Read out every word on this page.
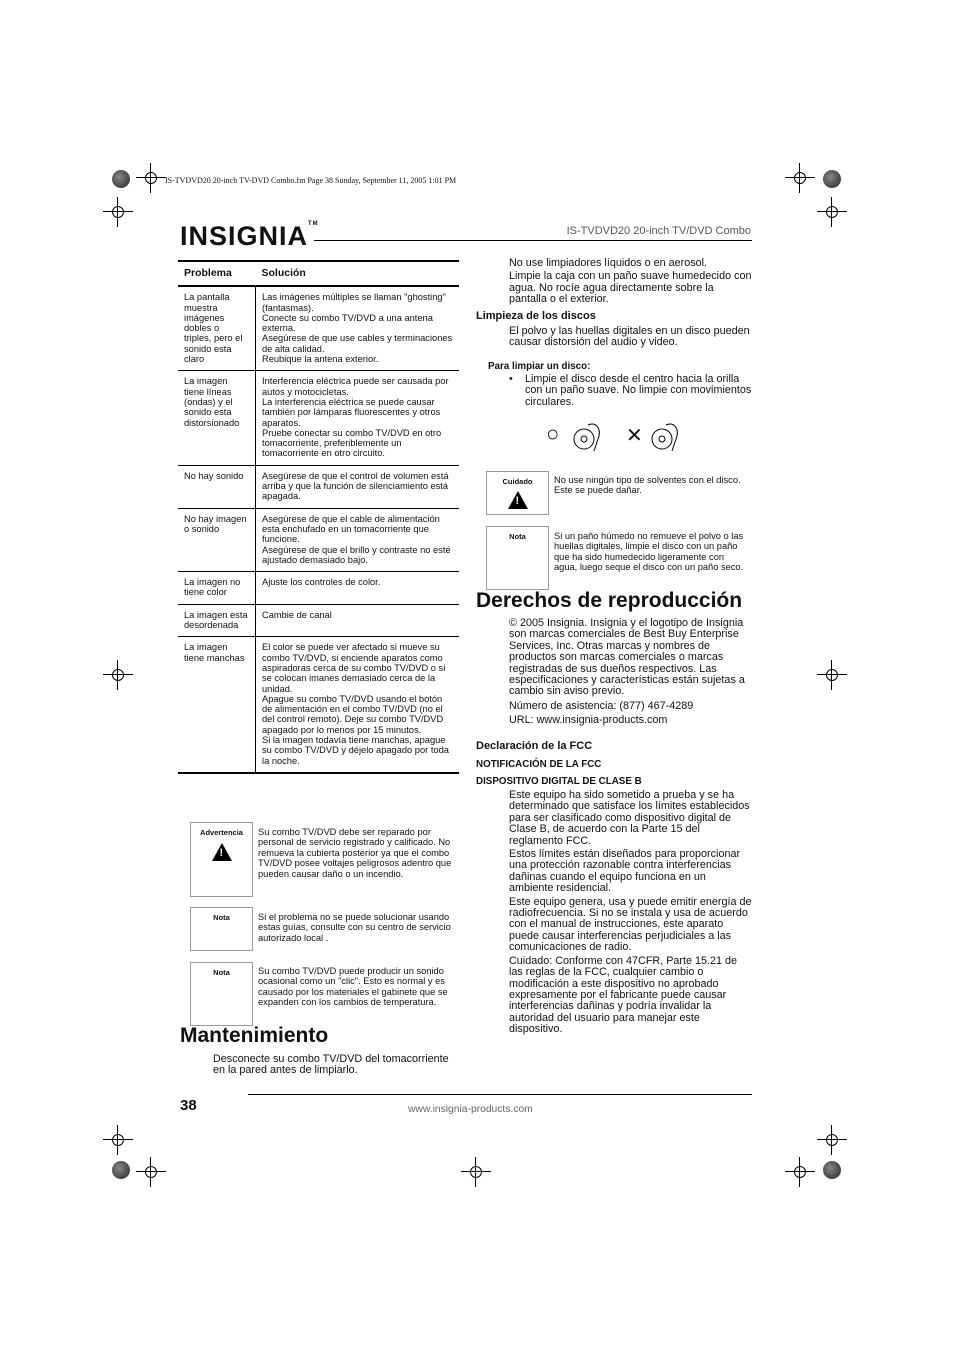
IS-TVDVD20 20-inch TV-DVD Combo.fm Page 38 Sunday, September 11, 2005 1:01 PM
INSIGNIA™
IS-TVDVD20 20-inch TV/DVD Combo
Problema	Solución
La pantalla muestra imágenes dobles o triples, pero el sonido esta claro	Las imágenes múltiples se llaman "ghosting" (fantasmas).

Conecte su combo TV/DVD a una antena externa.

Asegúrese de que use cables y terminaciones de alta calidad.

Reubique la antena exterior.

La imagen tiene líneas (ondas) y el sonido esta distorsionado	Interferencia eléctrica puede ser causada por autos y motocicletas.

La interferencia eléctrica se puede causar también por lámparas fluorescentes y otros aparatos.

Pruebe conectar su combo TV/DVD en otro tomacorriente, preferiblemente un tomacorriente en otro circuito.

No hay sonido	Asegúrese de que el control de volumen está arriba y que la función de silenciamiento está apagada.

No hay imagen o sonido	Asegúrese de que el cable de alimentación esta enchufado en un tomacorriente que funcione.

Asegúrese de que el brillo y contraste no esté ajustado demasiado bajo.

La imagen no tiene color	Ajuste los controles de color.

La imagen esta desordenada	Cambie de canal

La imagen tiene manchas	El color se puede ver afectado si mueve su combo TV/DVD, si enciende aparatos como aspiradoras cerca de su combo TV/DVD o si se colocan imanes demasiado cerca de la unidad.

Apague su combo TV/DVD usando el botón de alimentación en el combo TV/DVD (no el del control remoto). Deje su combo TV/DVD apagado por lo menos por 15 minutos.

Si la imagen todavía tiene manchas, apague su combo TV/DVD y déjelo apagado por toda la noche.

Advertencia
!	Su combo TV/DVD debe ser reparado por personal de servicio registrado y calificado. No remueva la cubierta posterior ya que el combo TV/DVD posee voltajes peligrosos adentro que pueden causar daño o un incendio.
Nota	Si el problema no se puede solucionar usando estas guías, consulte con su centro de servicio autorizado local .
Nota	Su combo TV/DVD puede producir un sonido ocasional como un "clic". Esto es normal y es causado por los materiales el gabinete que se expanden con los cambios de temperatura.
Mantenimiento
Desconecte su combo TV/DVD del tomacorriente en la pared antes de limpiarlo.

No use limpiadores líquidos o en aerosol.

Limpie la caja con un paño suave humedecido con agua. No rocíe agua directamente sobre la pantalla o el exterior.

Limpieza de los discos
El polvo y las huellas digitales en un disco pueden causar distorsión del audio y video.
Para limpiar un disco:
• Limpie el disco desde el centro hacia la orilla con un paño suave. No limpie con movimientos circulares.
○	✕
Cuidado
!	No use ningún tipo de solventes con el disco. Este se puede dañar.
Nota	Si un paño húmedo no remueve el polvo o las huellas digitales, limpie el disco con un paño que ha sido humedecido ligeramente con agua, luego seque el disco con un paño seco.
Derechos de reproducción

© 2005 Insignia. Insignia y el logotipo de Insignia son marcas comerciales de Best Buy Enterprise Services, Inc. Otras marcas y nombres de productos son marcas comerciales o marcas registradas de sus dueños respectivos. Las especificaciones y características están sujetas a cambio sin aviso previo.

Número de asistencia: (877) 467-4289

URL: www.insignia-products.com

Declaración de la FCC
NOTIFICACIÓN DE LA FCC
DISPOSITIVO DIGITAL DE CLASE B

Este equipo ha sido sometido a prueba y se ha determinado que satisface los límites establecidos para ser clasificado como dispositivo digital de Clase B, de acuerdo con la Parte 15 del reglamento FCC.

Estos límites están diseñados para proporcionar una protección razonable contra interferencias dañinas cuando el equipo funciona en un ambiente residencial.

Este equipo genera, usa y puede emitir energía de radiofrecuencia. Si no se instala y usa de acuerdo con el manual de instrucciones, este aparato puede causar interferencias perjudiciales a las comunicaciones de radio.

Cuidado: Conforme con 47CFR, Parte 15.21 de las reglas de la FCC, cualquier cambio o modificación a este dispositivo no aprobado expresamente por el fabricante puede causar interferencias dañinas y podría invalidar la autoridad del usuario para manejar este dispositivo.

38	www.insignia-products.com
